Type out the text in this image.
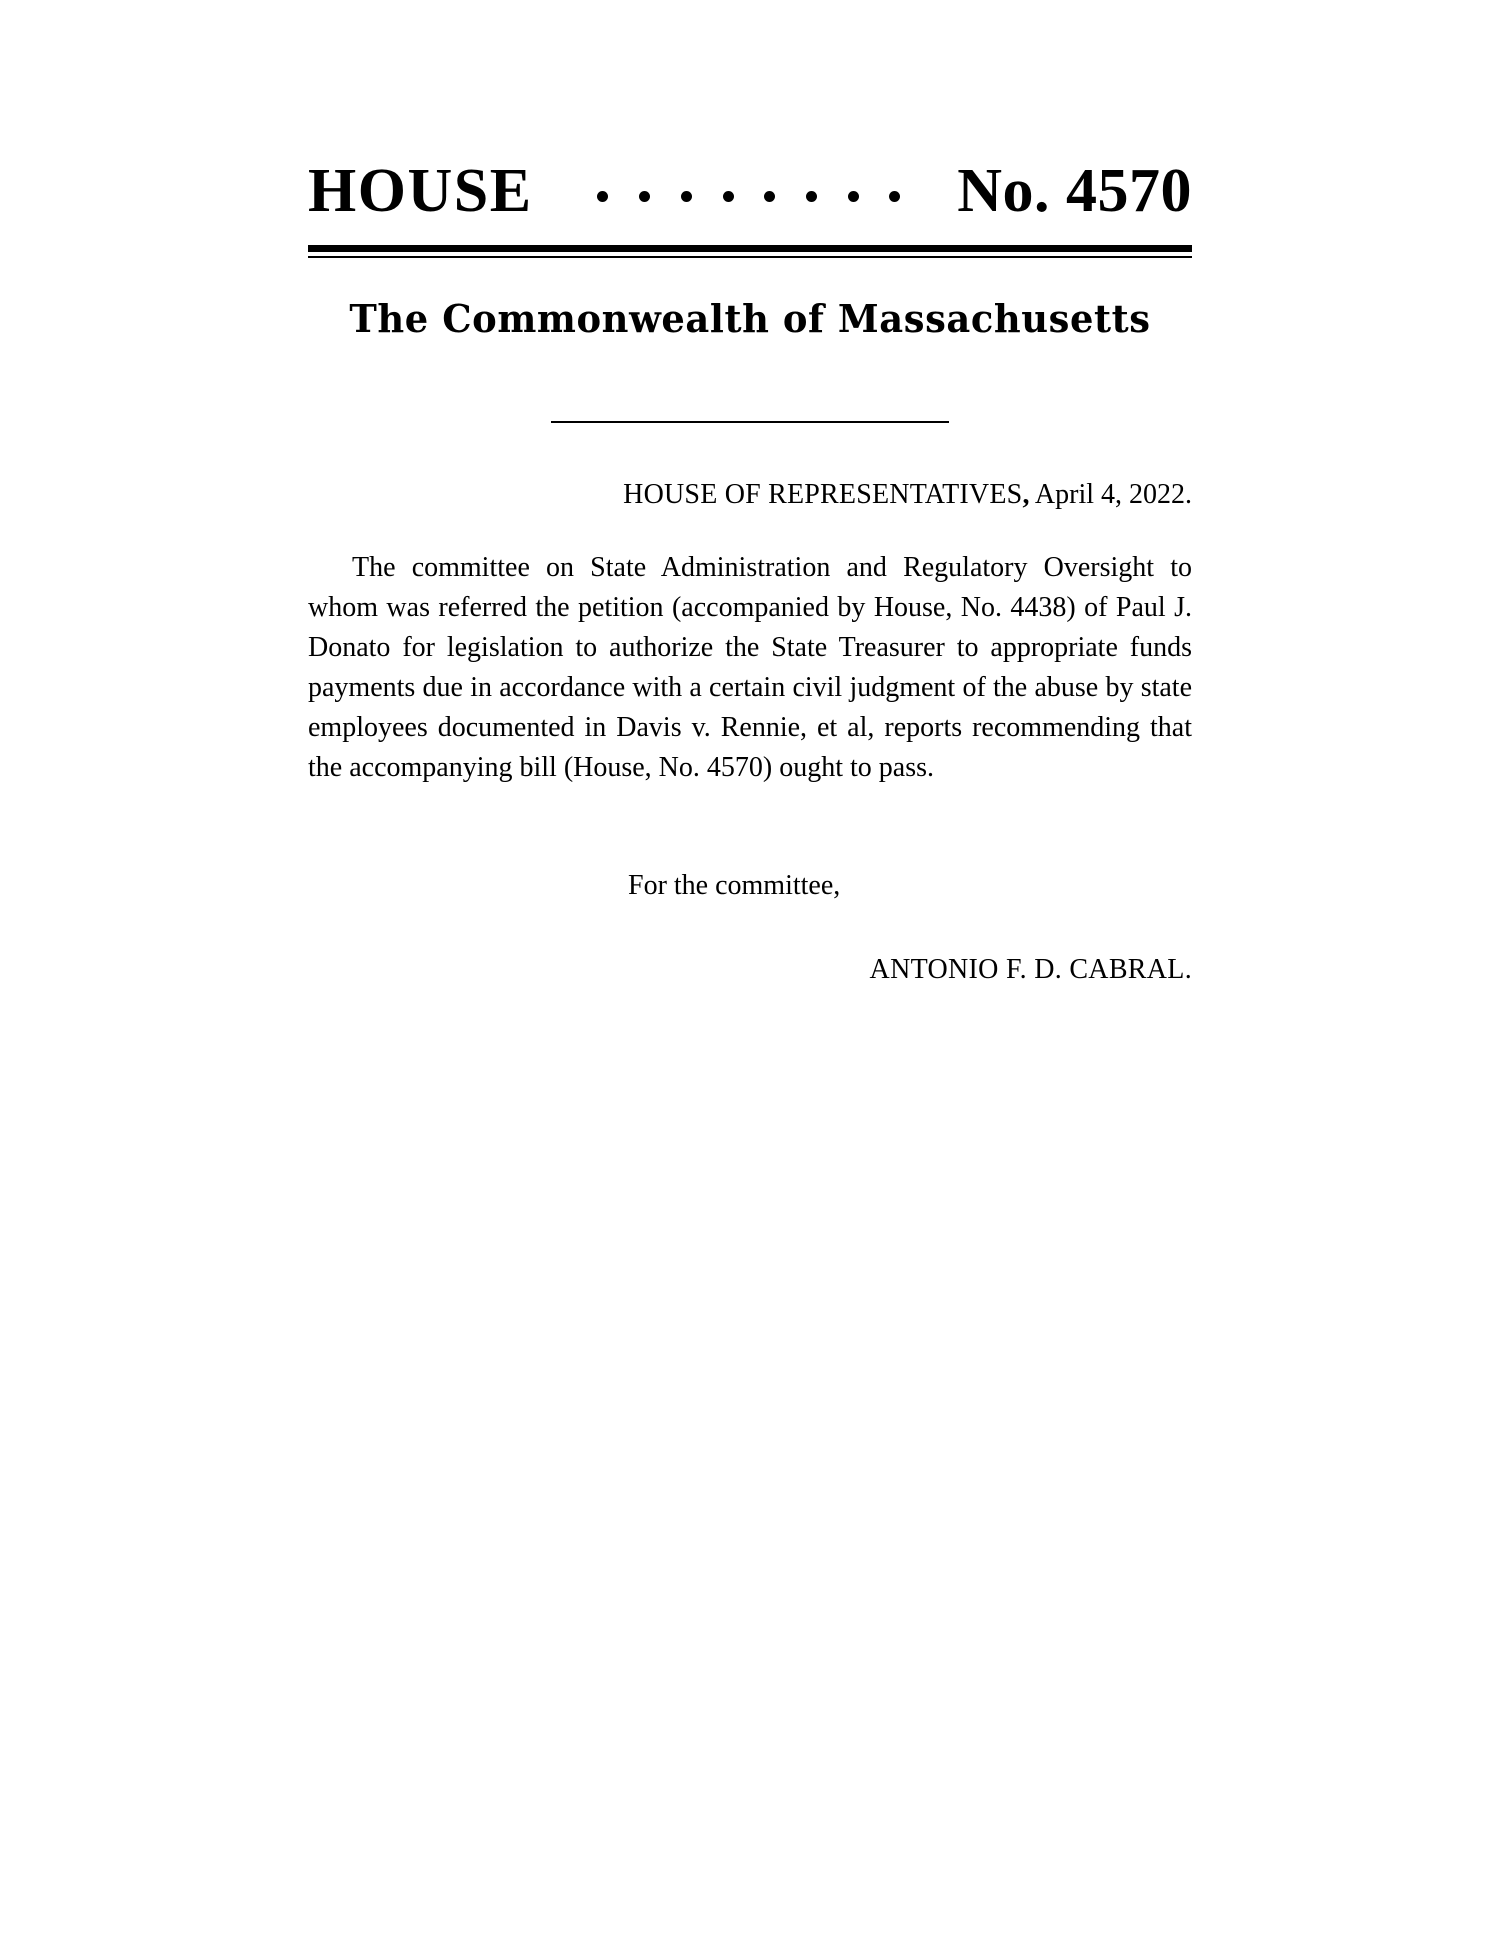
HOUSE	No. 4570
The Commonwealth of Massachusetts
HOUSE OF REPRESENTATIVES, April 4, 2022.

The committee on State Administration and Regulatory Oversight to whom was referred the petition (accompanied by House, No. 4438) of Paul J. Donato for legislation to authorize the State Treasurer to appropriate funds payments due in accordance with a certain civil judgment of the abuse by state employees documented in Davis v. Rennie, et al, reports recommending that the accompanying bill (House, No. 4570) ought to pass.

For the committee,
ANTONIO F. D. CABRAL.
